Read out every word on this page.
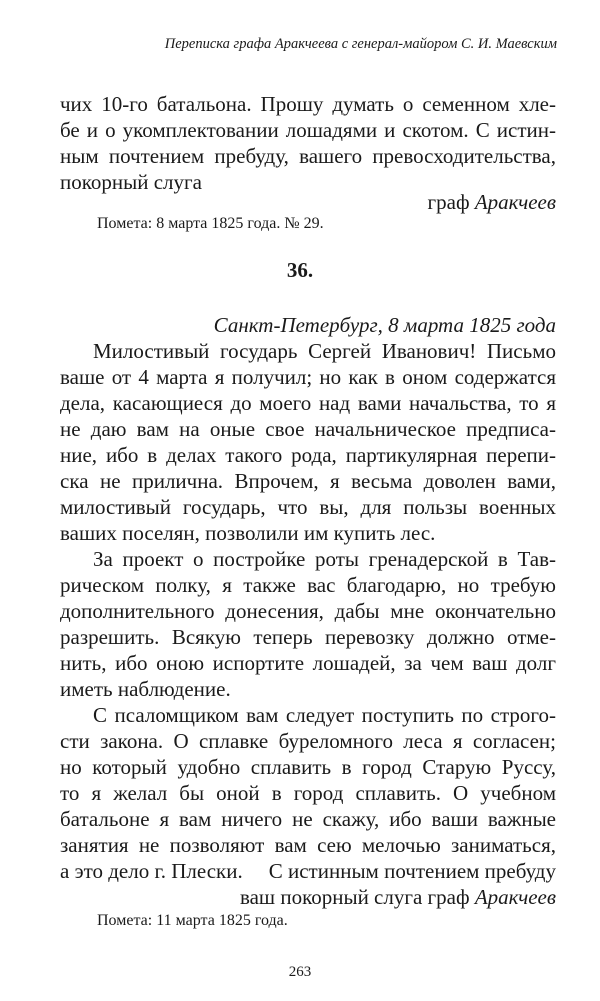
Переписка графа Аракчеева с генерал-майором С. И. Маевским
чих 10-го батальона. Прошу думать о семенном хле-
бе и о укомплектовании лошадями и скотом. С истин-
ным почтением пребуду, вашего превосходительства,
покорный слуга
граф Аракчеев
Помета: 8 марта 1825 года. № 29.
36.
Санкт-Петербург, 8 марта 1825 года
Милостивый государь Сергей Иванович! Письмо
ваше от 4 марта я получил; но как в оном содержатся
дела, касающиеся до моего над вами начальства, то я
не даю вам на оные свое начальническое предписа-
ние, ибо в делах такого рода, партикулярная перепи-
ска не прилична. Впрочем, я весьма доволен вами,
милостивый государь, что вы, для пользы военных
ваших поселян, позволили им купить лес.
За проект о постройке роты гренадерской в Тав-
рическом полку, я также вас благодарю, но требую
дополнительного донесения, дабы мне окончательно
разрешить. Всякую теперь перевозку должно отме-
нить, ибо оною испортите лошадей, за чем ваш долг
иметь наблюдение.
С псаломщиком вам следует поступить по строго-
сти закона. О сплавке буреломного леса я согласен;
но который удобно сплавить в город Старую Руссу,
то я желал бы оной в город сплавить. О учебном
батальоне я вам ничего не скажу, ибо ваши важные
занятия не позволяют вам сею мелочью заниматься,
а это дело г. Плески.	С истинным почтением пребуду
ваш покорный слуга граф Аракчеев
Помета: 11 марта 1825 года.
263
